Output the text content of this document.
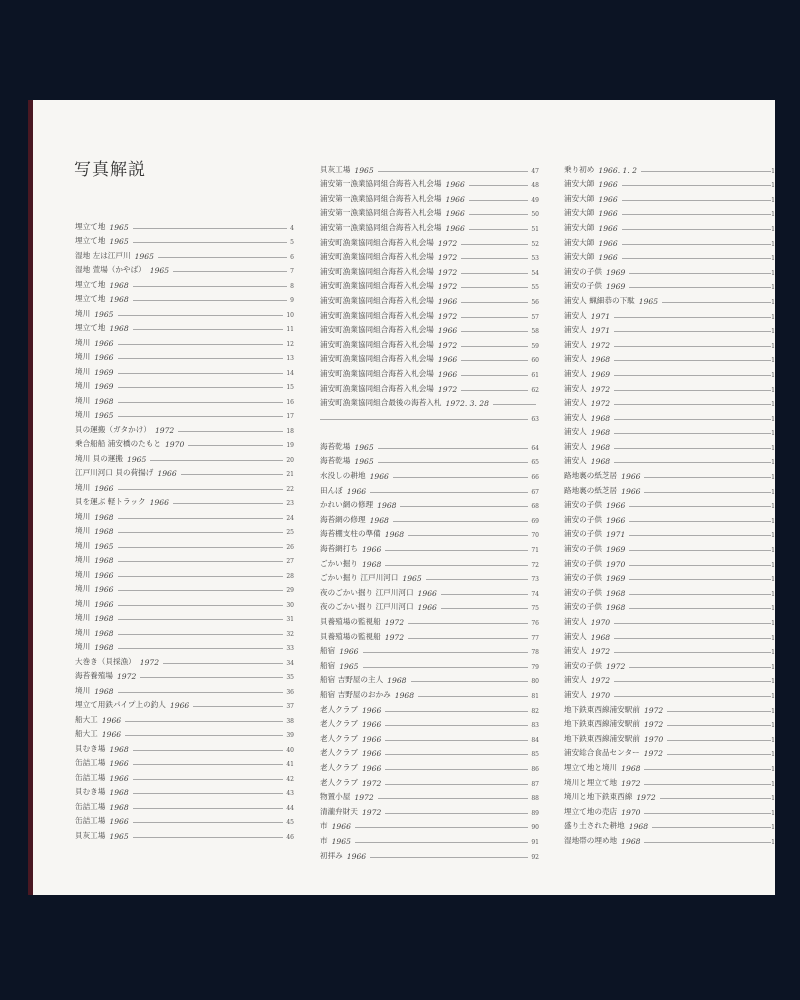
写真解説
埋立て地 1965	4
埋立て地 1965	5
湿地 左は江戸川 1965	6
湿地 萱場（かやば） 1965	7
埋立て地 1968	8
埋立て地 1968	9
境川 1965	10
埋立て地 1968	11
境川 1966	12
境川 1966	13
境川 1969	14
境川 1969	15
境川 1968	16
境川 1965	17
貝の運搬（ガタかけ） 1972	18
乗合船船 浦安橋のたもと 1970	19
境川 貝の運搬 1965	20
江戸川河口 貝の荷揚げ 1966	21
境川 1966	22
貝を運ぶ 軽トラック 1966	23
境川 1968	24
境川 1968	25
境川 1965	26
境川 1968	27
境川 1966	28
境川 1966	29
境川 1966	30
境川 1968	31
境川 1968	32
境川 1968	33
大巻き（貝採漁） 1972	34
海苔養殖場 1972	35
境川 1968	36
埋立て用鉄パイプ上の釣人 1966	37
船大工 1966	38
船大工 1966	39
貝むき場 1968	40
缶詰工場 1966	41
缶詰工場 1966	42
貝むき場 1968	43
缶詰工場 1968	44
缶詰工場 1966	45
貝灰工場 1965	46
貝灰工場 1965	47
浦安第一漁業協同組合海苔入札会場 1966	48
浦安第一漁業協同組合海苔入札会場 1966	49
浦安第一漁業協同組合海苔入札会場 1966	50
浦安第一漁業協同組合海苔入札会場 1966	51
浦安町漁業協同組合海苔入札会場 1972	52
浦安町漁業協同組合海苔入札会場 1972	53
浦安町漁業協同組合海苔入札会場 1972	54
浦安町漁業協同組合海苔入札会場 1972	55
浦安町漁業協同組合海苔入札会場 1966	56
浦安町漁業協同組合海苔入札会場 1972	57
浦安町漁業協同組合海苔入札会場 1966	58
浦安町漁業協同組合海苔入札会場 1972	59
浦安町漁業協同組合海苔入札会場 1966	60
浦安町漁業協同組合海苔入札会場 1966	61
浦安町漁業協同組合海苔入札会場 1972	62
浦安町漁業協同組合最後の海苔入札 1972. 3. 28
63
海苔乾場 1965	64
海苔乾場 1965	65
水没しの耕地 1966	66
田んぼ 1966	67
かれい網の修理 1968	68
海苔網の修理 1968	69
海苔棚支柱の準備 1968	70
海苔網打ち 1966	71
ごかい掘り 1968	72
ごかい掘り 江戸川河口 1965	73
夜のごかい掘り 江戸川河口 1966	74
夜のごかい掘り 江戸川河口 1966	75
貝養殖場の監視船 1972	76
貝養殖場の監視船 1972	77
船宿 1966	78
船宿 1965	79
船宿 吉野屋の主人 1968	80
船宿 吉野屋のおかみ 1968	81
老人クラブ 1966	82
老人クラブ 1966	83
老人クラブ 1966	84
老人クラブ 1966	85
老人クラブ 1966	86
老人クラブ 1972	87
物置小屋 1972	88
清瀧弁財天 1972	89
市 1966	90
市 1965	91
初拝み 1966	92
乗り初め 1966. 1. 2	1
浦安大師 1966	1
浦安大師 1966	1
浦安大師 1966	1
浦安大師 1966	1
浦安大師 1966	1
浦安大師 1966	1
浦安の子供 1969	1
浦安の子供 1969	1
浦安人 蝋細恭の下駄 1965	1
浦安人 1971	1
浦安人 1971	1
浦安人 1972	1
浦安人 1968	1
浦安人 1969	1
浦安人 1972	1
浦安人 1972	1
浦安人 1968	1
浦安人 1968	1
浦安人 1968	1
浦安人 1968	1
路地裏の紙芝居 1966	1
路地裏の紙芝居 1966	1
浦安の子供 1966	1
浦安の子供 1966	1
浦安の子供 1971	1
浦安の子供 1969	1
浦安の子供 1970	1
浦安の子供 1969	1
浦安の子供 1968	1
浦安の子供 1968	1
浦安人 1970	1
浦安人 1968	1
浦安人 1972	1
浦安の子供 1972	1
浦安人 1972	1
浦安人 1970	1
地下鉄東西線浦安駅前 1972	1
地下鉄東西線浦安駅前 1972	1
地下鉄東西線浦安駅前 1970	1
浦安総合食品センター 1972	1
埋立て地と境川 1968	1
境川と埋立て地 1972	1
境川と地下鉄東西線 1972	1
埋立て地の売店 1970	1
盛り土された耕地 1968	1
湿地帯の埋め地 1968	1
